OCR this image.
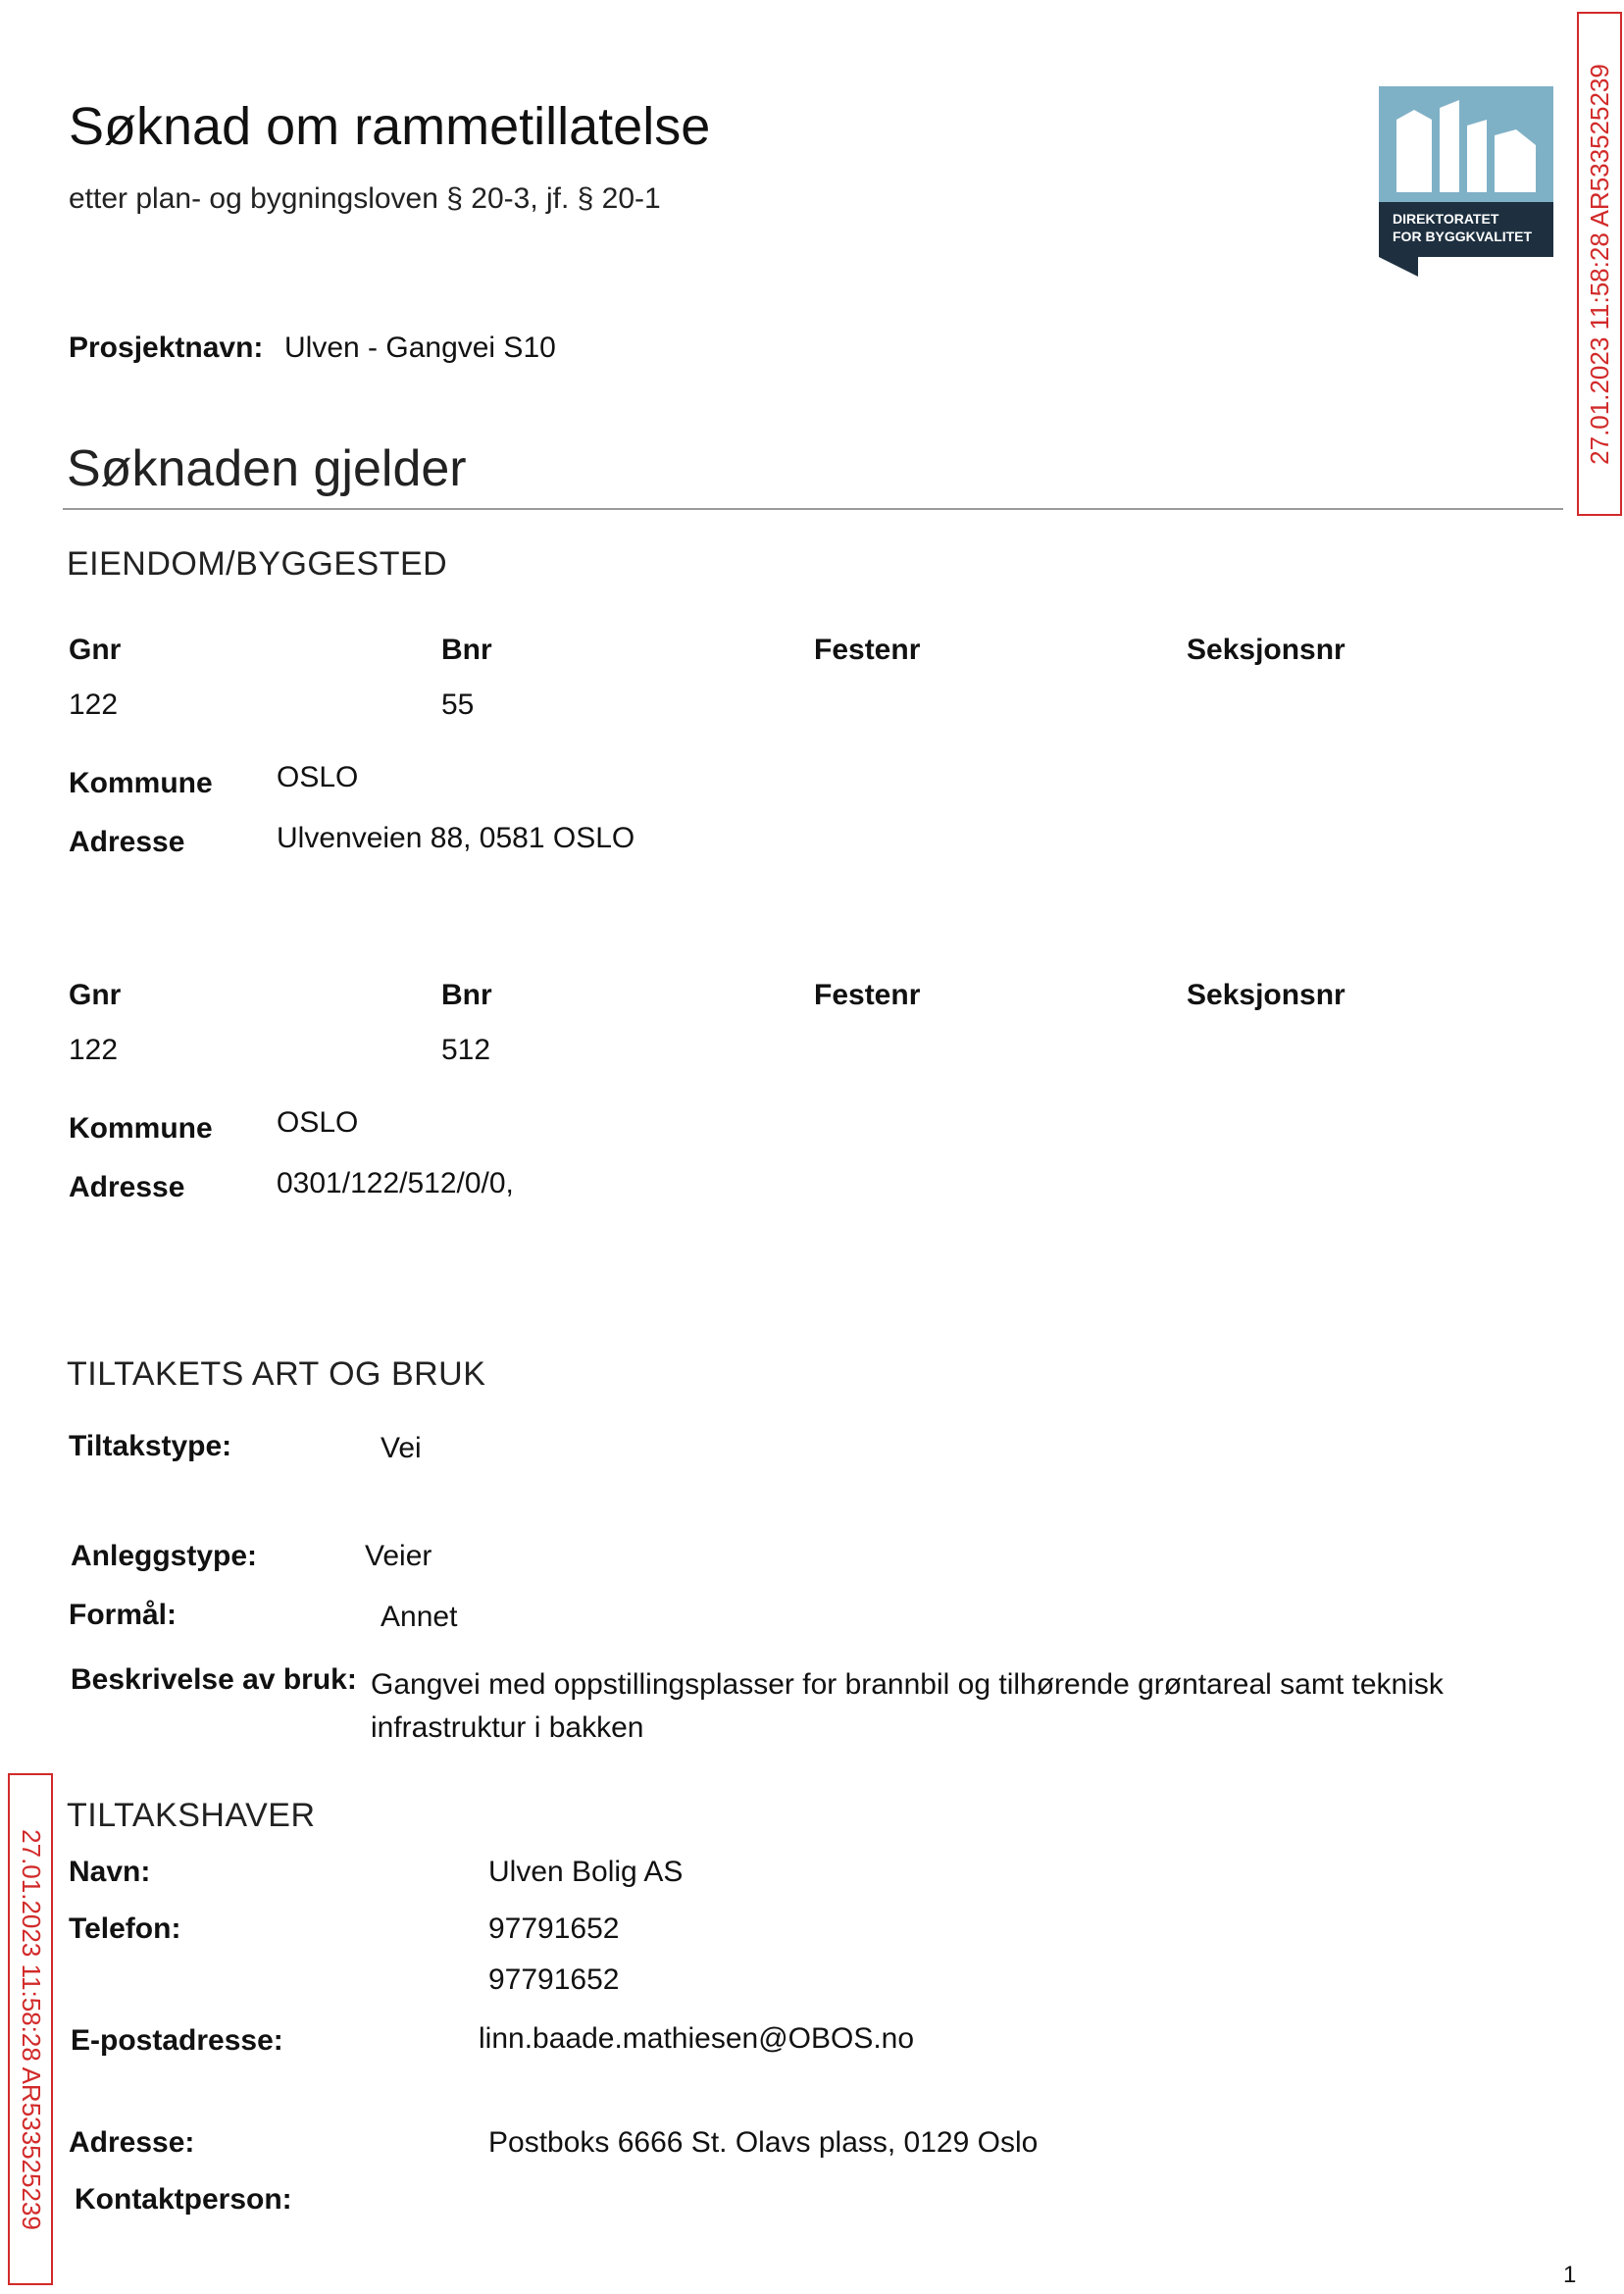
Søknad om rammetillatelse
etter plan- og bygningsloven § 20-3, jf. § 20-1
DIREKTORATET
FOR BYGGKVALITET 27.01.2023 11:58:28 AR533525239
Prosjektnavn: Ulven - Gangvei S10
Søknaden gjelder
EIENDOM/BYGGESTED
Gnr	Bnr	Festenr	Seksjonsnr
122	55
Kommune OSLO
Adresse	Ulvenveien 88, 0581 OSLO
Gnr	Bnr	Festenr	Seksjonsnr
122	512
Kommune OSLO
Adresse	0301/122/512/0/0,
TILTAKETS ART OG BRUK
Tiltakstype:	Vei
Anleggstype:	Veier
Formål:	Annet
Beskrivelse av bruk: Gangvei med oppstillingsplasser for brannbil og tilhørende grøntareal samt teknisk infrastruktur i bakken
27.01.2023 11:58:28 AR533525239
TILTAKSHAVER
Navn:	Ulven Bolig AS
Telefon:	97791652
97791652
E-postadresse:	linn.baade.mathiesen@OBOS.no
Adresse:	Postboks 6666 St. Olavs plass, 0129 Oslo
Kontaktperson:
1
